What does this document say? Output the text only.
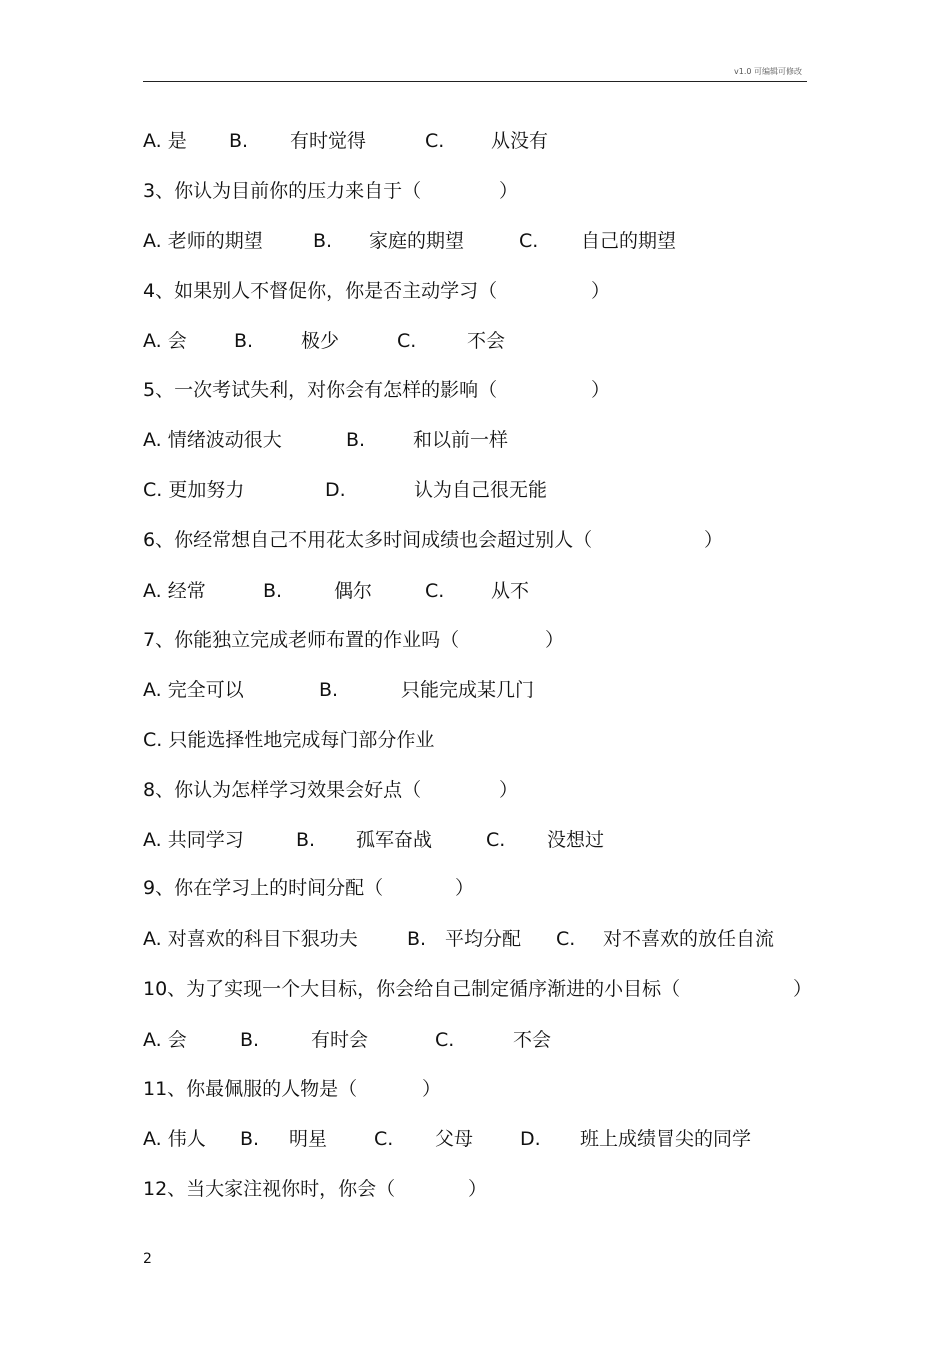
v1.0 可编辑可修改
A. 是 B. 有时觉得	C. 从没有
3、你认为目前你的压力来自于（	）
A. 老师的期望	B. 家庭的期望	C. 自己的期望
4、如果别人不督促你，你是否主动学习（	）
A. 会 B.	极少	C.	不会
5、一次考试失利，对你会有怎样的影响（	）
A. 情绪波动很大	B.	和以前一样
C. 更加努力	D.	认为自己很无能
6、你经常想自己不用花太多时间成绩也会超过别人（	）
A. 经常	B.	偶尔	C. 从不
7、你能独立完成老师布置的作业吗（	）
A. 完全可以	B.	只能完成某几门
C. 只能选择性地完成每门部分作业
8、你认为怎样学习效果会好点（	）
A. 共同学习	B. 孤军奋战	C. 没想过
9、你在学习上的时间分配（	）
A. 对喜欢的科目下狠功夫	B. 平均分配 C. 对不喜欢的放任自流
10、为了实现一个大目标，你会给自己制定循序渐进的小目标（	）
A. 会	B.	有时会	C.	不会
11、你最佩服的人物是（	）
A. 伟人 B. 明星 C. 父母 D. 班上成绩冒尖的同学
12、当大家注视你时，你会（	）
2
